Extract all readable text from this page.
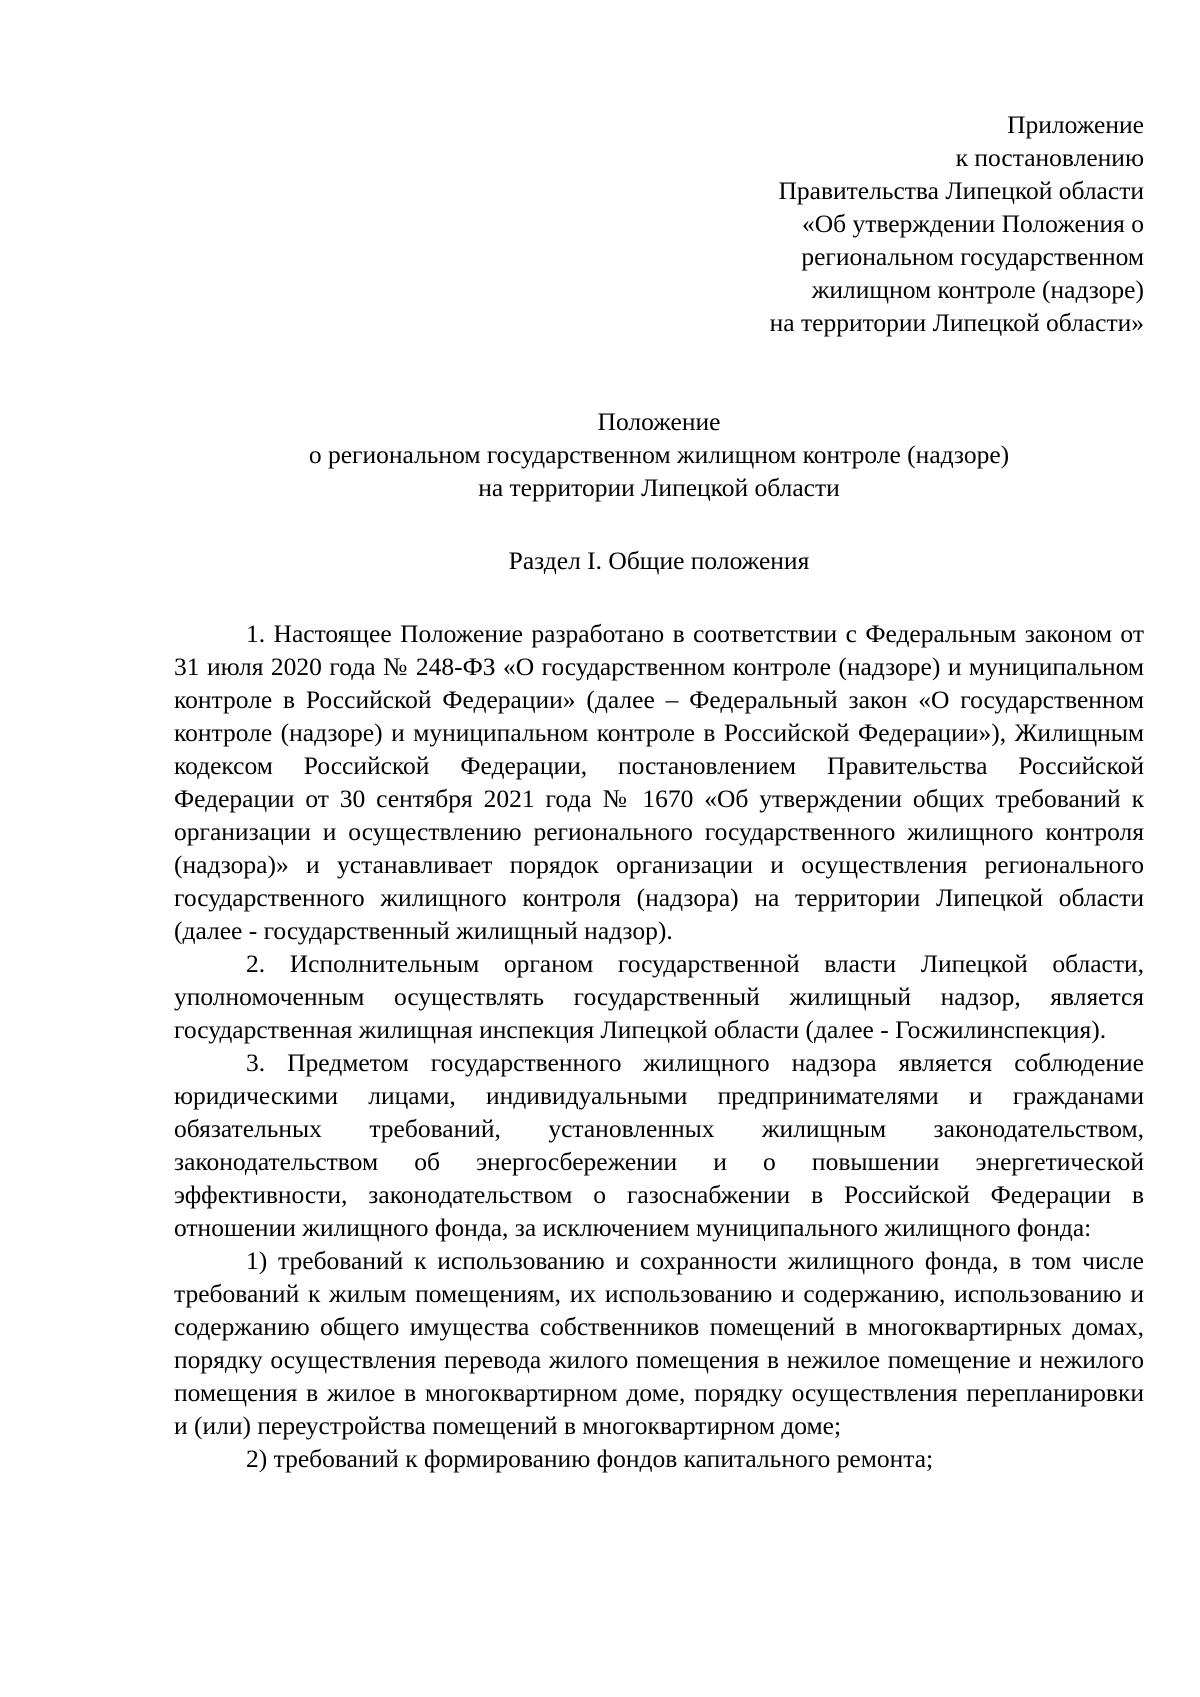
Приложение
к постановлению
Правительства Липецкой области
«Об утверждении Положения о
региональном государственном
жилищном контроле (надзоре)
на территории Липецкой области»
Положение
о региональном государственном жилищном контроле (надзоре)
на территории Липецкой области
Раздел I. Общие положения

1. Настоящее Положение разработано в соответствии с Федеральным законом от 31 июля 2020 года № 248-ФЗ «О государственном контроле (надзоре) и муниципальном контроле в Российской Федерации» (далее – Федеральный закон «О государственном контроле (надзоре) и муниципальном контроле в Российской Федерации»), Жилищным кодексом Российской Федерации, постановлением Правительства Российской Федерации от 30 сентября 2021 года № 1670 «Об утверждении общих требований к организации и осуществлению регионального государственного жилищного контроля (надзора)» и устанавливает порядок организации и осуществления регионального государственного жилищного контроля (надзора) на территории Липецкой области (далее - государственный жилищный надзор).

2. Исполнительным органом государственной власти Липецкой области, уполномоченным осуществлять государственный жилищный надзор, является государственная жилищная инспекция Липецкой области (далее - Госжилинспекция).

3. Предметом государственного жилищного надзора является соблюдение юридическими лицами, индивидуальными предпринимателями и гражданами обязательных требований, установленных жилищным законодательством, законодательством об энергосбережении и о повышении энергетической эффективности, законодательством о газоснабжении в Российской Федерации в отношении жилищного фонда, за исключением муниципального жилищного фонда:

1) требований к использованию и сохранности жилищного фонда, в том числе требований к жилым помещениям, их использованию и содержанию, использованию и содержанию общего имущества собственников помещений в многоквартирных домах, порядку осуществления перевода жилого помещения в нежилое помещение и нежилого помещения в жилое в многоквартирном доме, порядку осуществления перепланировки и (или) переустройства помещений в многоквартирном доме;

2) требований к формированию фондов капитального ремонта;
